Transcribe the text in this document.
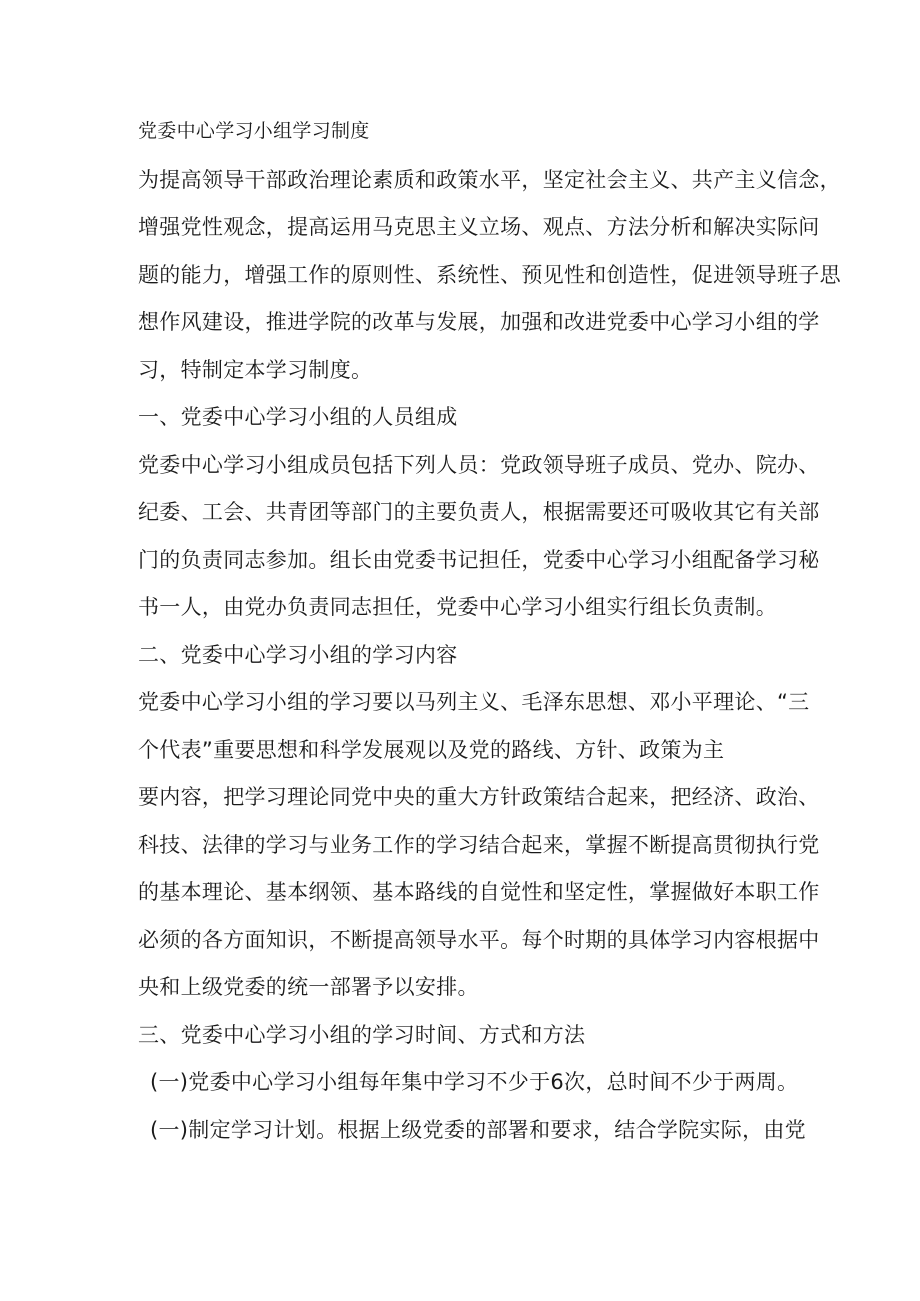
党委中心学习小组学习制度
为提高领导干部政治理论素质和政策水平，坚定社会主义、共产主义信念，
增强党性观念，提高运用马克思主义立场、观点、方法分析和解决实际问
题的能力，增强工作的原则性、系统性、预见性和创造性，促进领导班子思
想作风建设，推进学院的改革与发展，加强和改进党委中心学习小组的学
习，特制定本学习制度。
一、党委中心学习小组的人员组成
党委中心学习小组成员包括下列人员：党政领导班子成员、党办、院办、
纪委、工会、共青团等部门的主要负责人，根据需要还可吸收其它有关部
门的负责同志参加。组长由党委书记担任，党委中心学习小组配备学习秘
书一人，由党办负责同志担任，党委中心学习小组实行组长负责制。
二、党委中心学习小组的学习内容
党委中心学习小组的学习要以马列主义、毛泽东思想、邓小平理论、“三
个代表”重要思想和科学发展观以及党的路线、方针、政策为主
要内容，把学习理论同党中央的重大方针政策结合起来，把经济、政治、
科技、法律的学习与业务工作的学习结合起来，掌握不断提高贯彻执行党
的基本理论、基本纲领、基本路线的自觉性和坚定性，掌握做好本职工作
必须的各方面知识，不断提高领导水平。每个时期的具体学习内容根据中
央和上级党委的统一部署予以安排。
三、党委中心学习小组的学习时间、方式和方法
(一)党委中心学习小组每年集中学习不少于6次，总时间不少于两周。
(一)制定学习计划。根据上级党委的部署和要求，结合学院实际，由党
